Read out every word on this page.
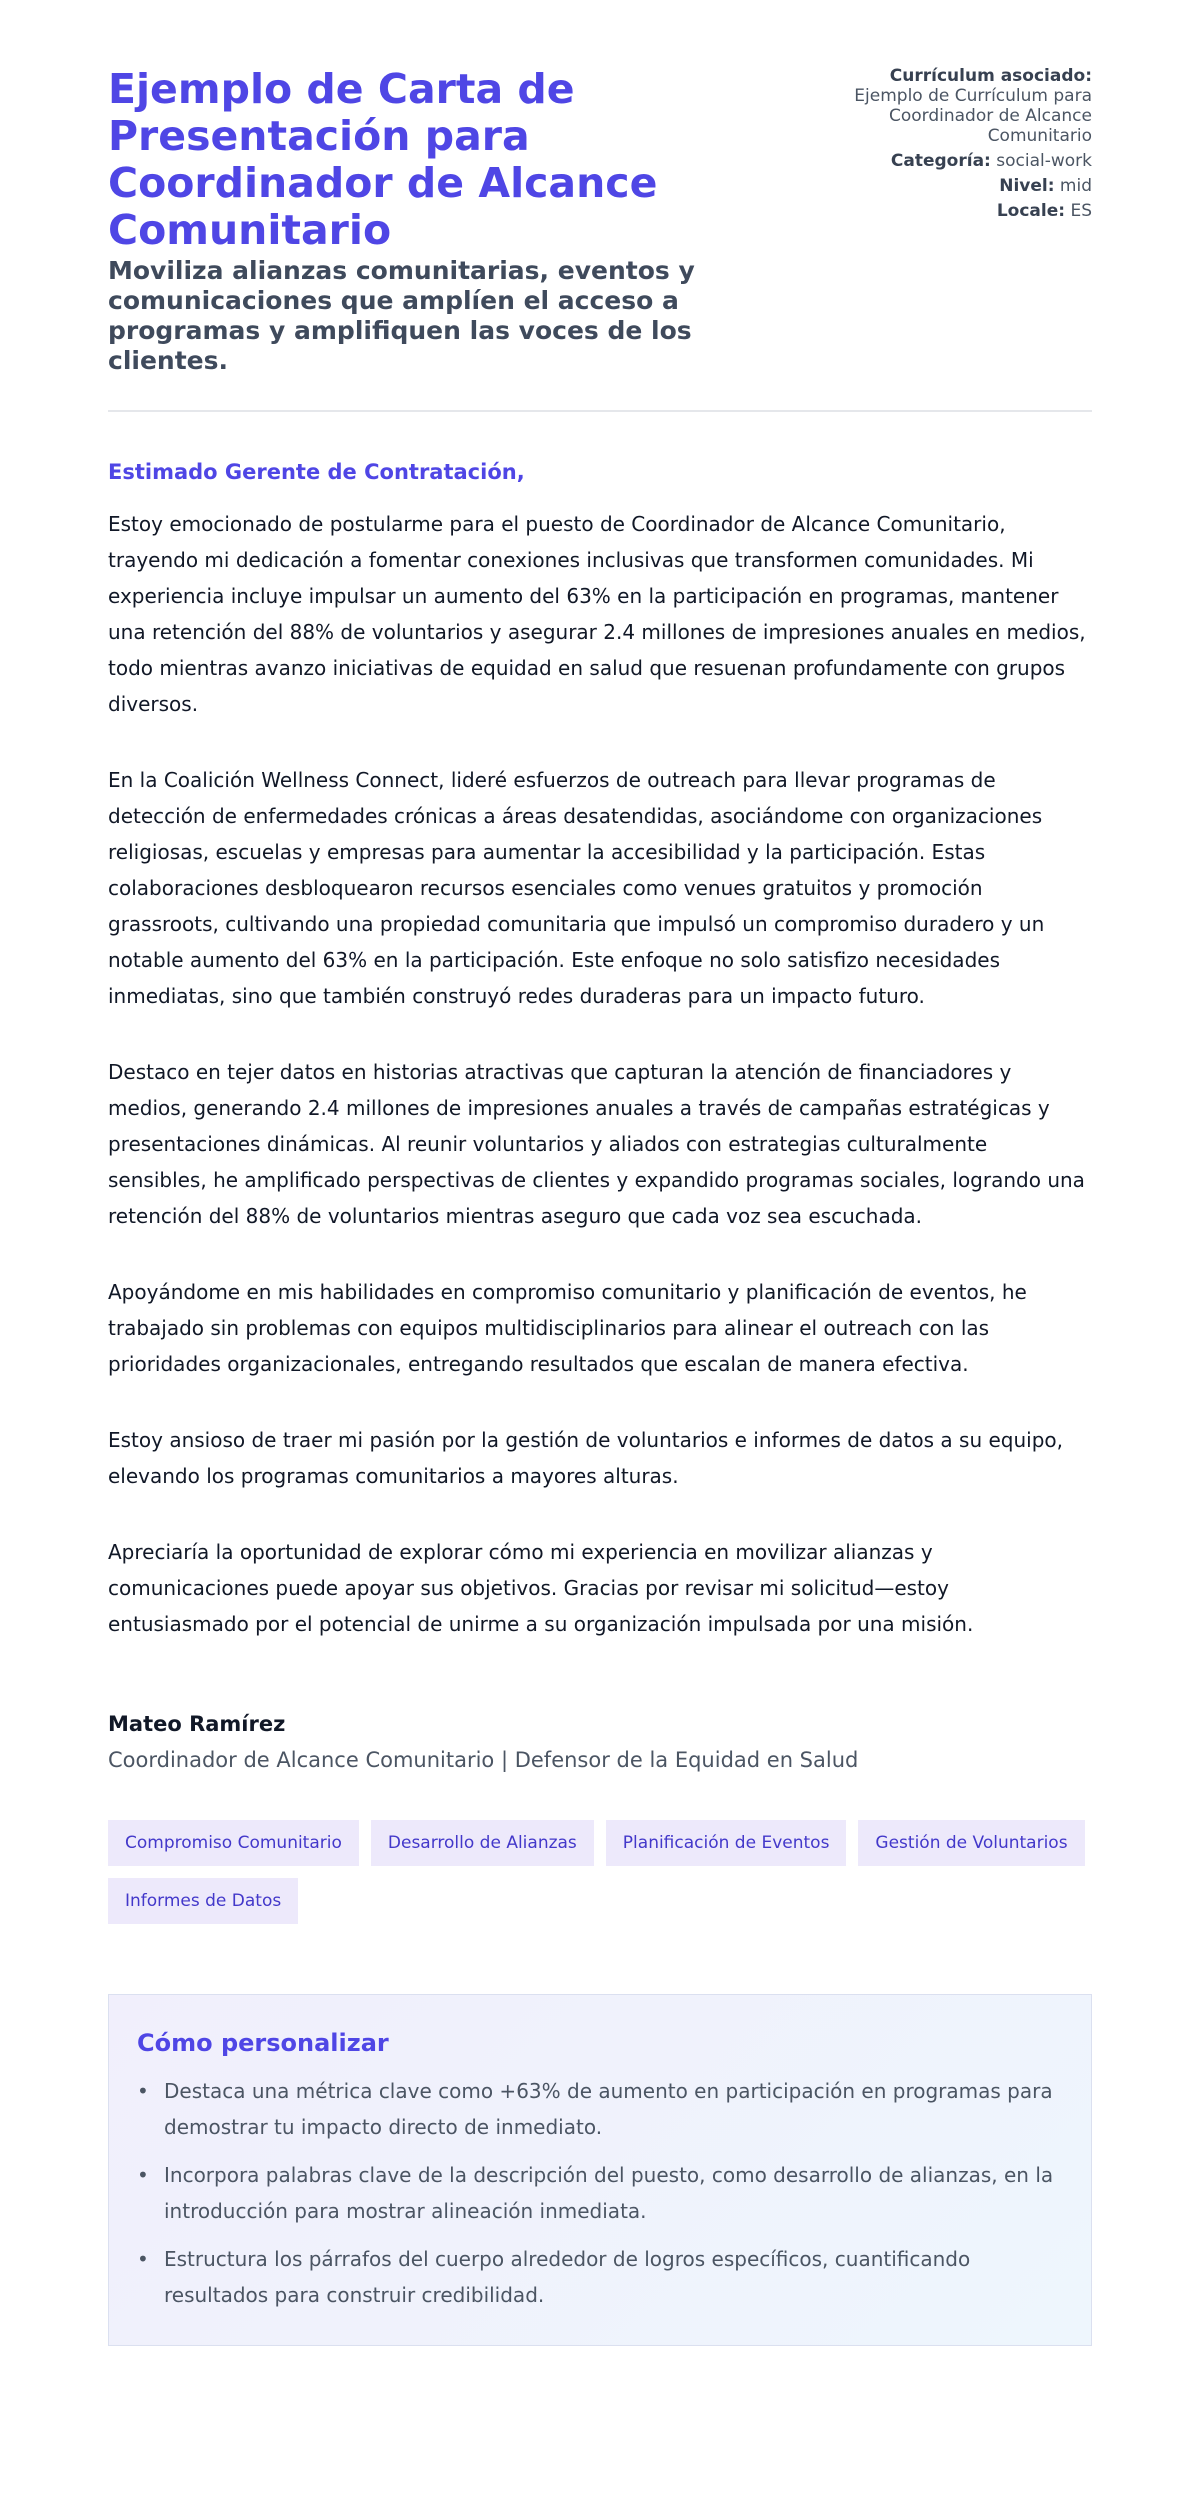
Ejemplo de Carta de Presentación para Coordinador de Alcance Comunitario
Moviliza alianzas comunitarias, eventos y comunicaciones que amplíen el acceso a programas y amplifiquen las voces de los clientes.
Currículum asociado:
Ejemplo de Currículum para Coordinador de Alcance Comunitario
Categoría: social-work
Nivel: mid
Locale: ES
Estimado Gerente de Contratación,

Estoy emocionado de postularme para el puesto de Coordinador de Alcance Comunitario, trayendo mi dedicación a fomentar conexiones inclusivas que transformen comunidades. Mi experiencia incluye impulsar un aumento del 63% en la participación en programas, mantener una retención del 88% de voluntarios y asegurar 2.4 millones de impresiones anuales en medios, todo mientras avanzo iniciativas de equidad en salud que resuenan profundamente con grupos diversos.

En la Coalición Wellness Connect, lideré esfuerzos de outreach para llevar programas de detección de enfermedades crónicas a áreas desatendidas, asociándome con organizaciones religiosas, escuelas y empresas para aumentar la accesibilidad y la participación. Estas colaboraciones desbloquearon recursos esenciales como venues gratuitos y promoción grassroots, cultivando una propiedad comunitaria que impulsó un compromiso duradero y un notable aumento del 63% en la participación. Este enfoque no solo satisfizo necesidades inmediatas, sino que también construyó redes duraderas para un impacto futuro.

Destaco en tejer datos en historias atractivas que capturan la atención de financiadores y medios, generando 2.4 millones de impresiones anuales a través de campañas estratégicas y presentaciones dinámicas. Al reunir voluntarios y aliados con estrategias culturalmente sensibles, he amplificado perspectivas de clientes y expandido programas sociales, logrando una retención del 88% de voluntarios mientras aseguro que cada voz sea escuchada.

Apoyándome en mis habilidades en compromiso comunitario y planificación de eventos, he trabajado sin problemas con equipos multidisciplinarios para alinear el outreach con las prioridades organizacionales, entregando resultados que escalan de manera efectiva.

Estoy ansioso de traer mi pasión por la gestión de voluntarios e informes de datos a su equipo, elevando los programas comunitarios a mayores alturas.

Apreciaría la oportunidad de explorar cómo mi experiencia en movilizar alianzas y comunicaciones puede apoyar sus objetivos. Gracias por revisar mi solicitud—estoy entusiasmado por el potencial de unirme a su organización impulsada por una misión.

Mateo Ramírez
Coordinador de Alcance Comunitario | Defensor de la Equidad en Salud
Compromiso Comunitario	Desarrollo de Alianzas	Planificación de Eventos	Gestión de Voluntarios
Informes de Datos
Cómo personalizar
• Destaca una métrica clave como +63% de aumento en participación en programas para demostrar tu impacto directo de inmediato.
• Incorpora palabras clave de la descripción del puesto, como desarrollo de alianzas, en la introducción para mostrar alineación inmediata.
• Estructura los párrafos del cuerpo alrededor de logros específicos, cuantificando resultados para construir credibilidad.
